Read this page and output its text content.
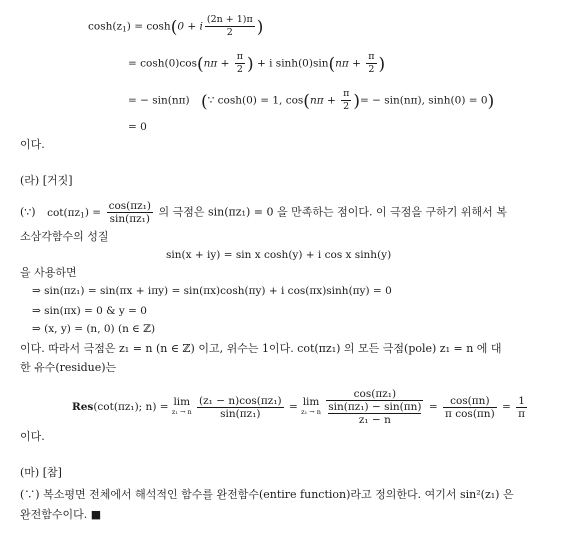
$\cosh(z_1) = \cosh(0 + i \frac{(2n + 1)\pi}{2}$ )
= $\cosh(0)\cos(n\pi + \frac{\pi}{2}$ ) + i $\sinh(0)\sin(n\pi + \frac{\pi}{2}$ )
= − sin(nπ) (∵ cosh(0) = 1, $\cos(n\pi + \frac{\pi}{2}$ )= − sin(nπ), sinh(0) = 0)
= 0
이다.
(라) [거짓]
(∵) $\cot(\pi z_1) = \frac{\text{cos(πz₁)}}{\text{sin(πz₁)}}$ 의 극점은 sin(πz₁) = 0 을 만족하는 점이다. 이 극점을 구하기 위해서 복
소삼각함수의 성질
sin(x + iy) = sin x cosh(y) + i cos x sinh(y)
을 사용하면
⇒ sin(πz₁) = sin(πx + iπy) = sin(πx)cosh(πy) + i cos(πx)sinh(πy) = 0
⇒ sin(πx) = 0 & y = 0
⇒ (x, y) = (n, 0) (n ∈ ℤ)
이다. 따라서 극점은 z₁ = n (n ∈ ℤ) 이고, 위수는 1이다. cot(πz₁) 의 모든 극점(pole) z₁ = n 에 대
한 유수(residue)는
Res(cot(πz₁); n) = lim
z₁ → n
$\frac{\text{(z₁ − n)cos(πz₁)}}{\text{sin(πz₁)}} = \lim$
z₁ → n
cos(πz₁)
sin(πz₁) − sin(πn)
$z_1 - n = \frac{\cos(\pi n)}{\text{π cos(πn)}} = \frac{1}{\pi}$
이다.
(마) [참]
(∵) 복소평면 전체에서 해석적인 함수를 완전함수(entire function)라고 정의한다. 여기서 sin²(z₁) 은
완전함수이다. ■
